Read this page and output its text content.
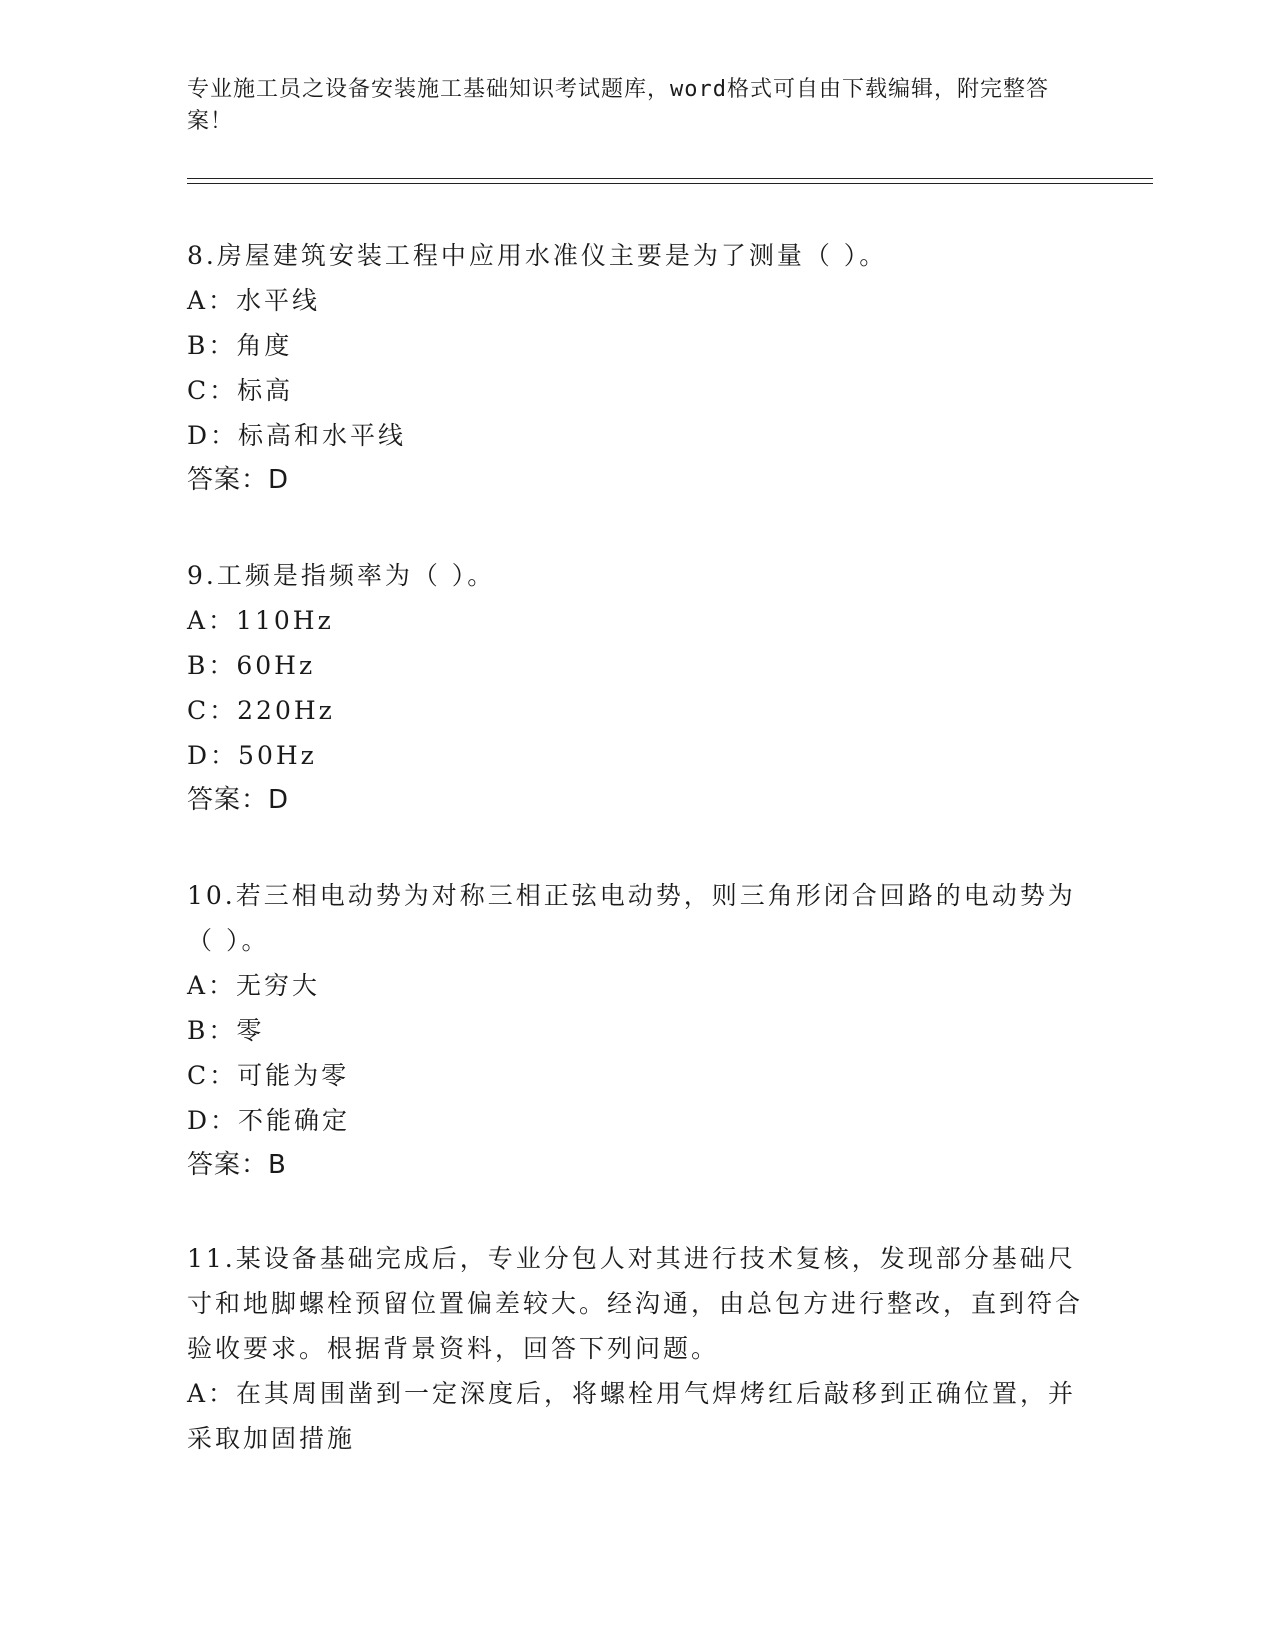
专业施工员之设备安装施工基础知识考试题库，word格式可自由下载编辑，附完整答案！
8.房屋建筑安装工程中应用水准仪主要是为了测量（ ）。
A：水平线
B：角度
C：标高
D：标高和水平线
答案：D
9.工频是指频率为（ ）。
A：110Hz
B：60Hz
C：220Hz
D：50Hz
答案：D
10.若三相电动势为对称三相正弦电动势，则三角形闭合回路的电动势为（ ）。
A：无穷大
B：零
C：可能为零
D：不能确定
答案：B
11.某设备基础完成后，专业分包人对其进行技术复核，发现部分基础尺寸和地脚螺栓预留位置偏差较大。经沟通，由总包方进行整改，直到符合验收要求。根据背景资料，回答下列问题。
A：在其周围凿到一定深度后，将螺栓用气焊烤红后敲移到正确位置，并采取加固措施
